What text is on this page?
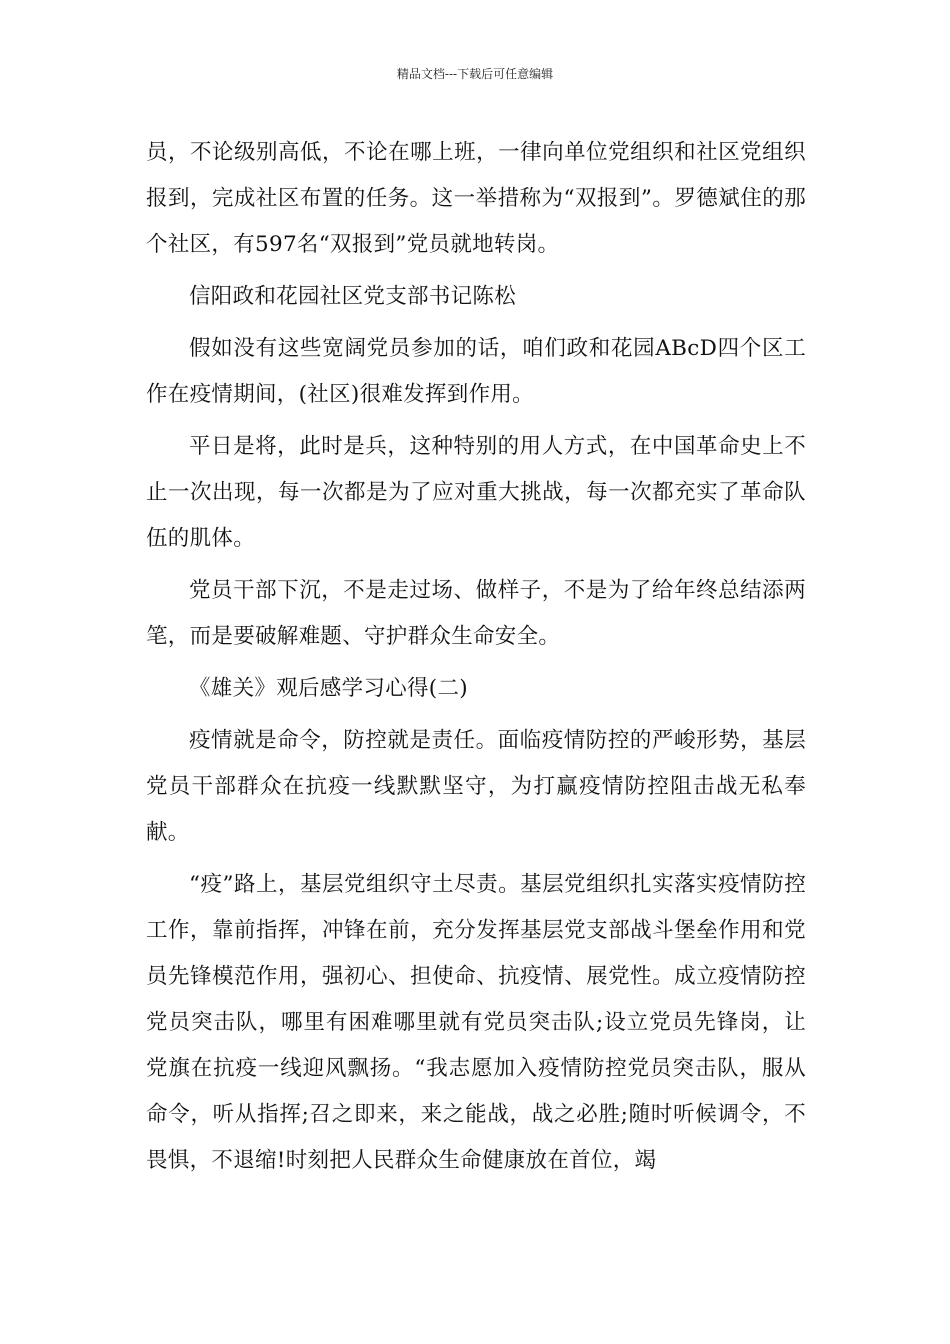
精品文档---下载后可任意编辑

员，不论级别高低，不论在哪上班，一律向单位党组织和社区党组织报到，完成社区布置的任务。这一举措称为“双报到”。罗德斌住的那个社区，有597名“双报到”党员就地转岗。

信阳政和花园社区党支部书记陈松

假如没有这些宽阔党员参加的话，咱们政和花园ABcD四个区工作在疫情期间，(社区)很难发挥到作用。

平日是将，此时是兵，这种特别的用人方式，在中国革命史上不止一次出现，每一次都是为了应对重大挑战，每一次都充实了革命队伍的肌体。

党员干部下沉，不是走过场、做样子，不是为了给年终总结添两笔，而是要破解难题、守护群众生命安全。

《雄关》观后感学习心得(二)

疫情就是命令，防控就是责任。面临疫情防控的严峻形势，基层党员干部群众在抗疫一线默默坚守，为打赢疫情防控阻击战无私奉献。

“疫”路上，基层党组织守土尽责。基层党组织扎实落实疫情防控工作，靠前指挥，冲锋在前，充分发挥基层党支部战斗堡垒作用和党员先锋模范作用，强初心、担使命、抗疫情、展党性。成立疫情防控党员突击队，哪里有困难哪里就有党员突击队;设立党员先锋岗，让党旗在抗疫一线迎风飘扬。“我志愿加入疫情防控党员突击队，服从命令，听从指挥;召之即来，来之能战，战之必胜;随时听候调令，不畏惧，不退缩!时刻把人民群众生命健康放在首位，竭
